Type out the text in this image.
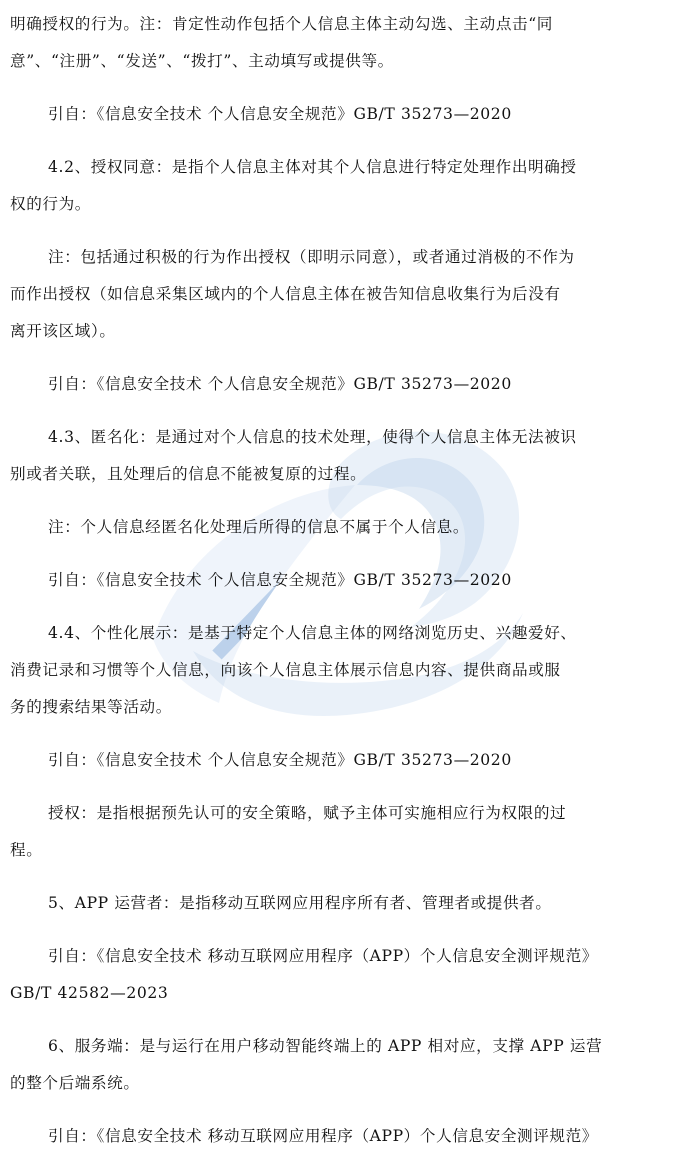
明确授权的行为。注：肯定性动作包括个人信息主体主动勾选、主动点击“同
意”、“注册”、“发送”、“拨打”、主动填写或提供等。

引自：《信息安全技术 个人信息安全规范》GB/T 35273—2020

4.2、授权同意：是指个人信息主体对其个人信息进行特定处理作出明确授
权的行为。

注：包括通过积极的行为作出授权（即明示同意），或者通过消极的不作为
而作出授权（如信息采集区域内的个人信息主体在被告知信息收集行为后没有
离开该区域）。

引自：《信息安全技术 个人信息安全规范》GB/T 35273—2020

4.3、匿名化：是通过对个人信息的技术处理，使得个人信息主体无法被识
别或者关联，且处理后的信息不能被复原的过程。

注：个人信息经匿名化处理后所得的信息不属于个人信息。

引自：《信息安全技术 个人信息安全规范》GB/T 35273—2020

4.4、个性化展示：是基于特定个人信息主体的网络浏览历史、兴趣爱好、
消费记录和习惯等个人信息，向该个人信息主体展示信息内容、提供商品或服
务的搜索结果等活动。

引自：《信息安全技术 个人信息安全规范》GB/T 35273—2020

授权：是指根据预先认可的安全策略，赋予主体可实施相应行为权限的过
程。

5、APP 运营者：是指移动互联网应用程序所有者、管理者或提供者。

引自：《信息安全技术 移动互联网应用程序（APP）个人信息安全测评规范》
GB/T 42582—2023

6、服务端：是与运行在用户移动智能终端上的 APP 相对应，支撑 APP 运营
的整个后端系统。

引自：《信息安全技术 移动互联网应用程序（APP）个人信息安全测评规范》
